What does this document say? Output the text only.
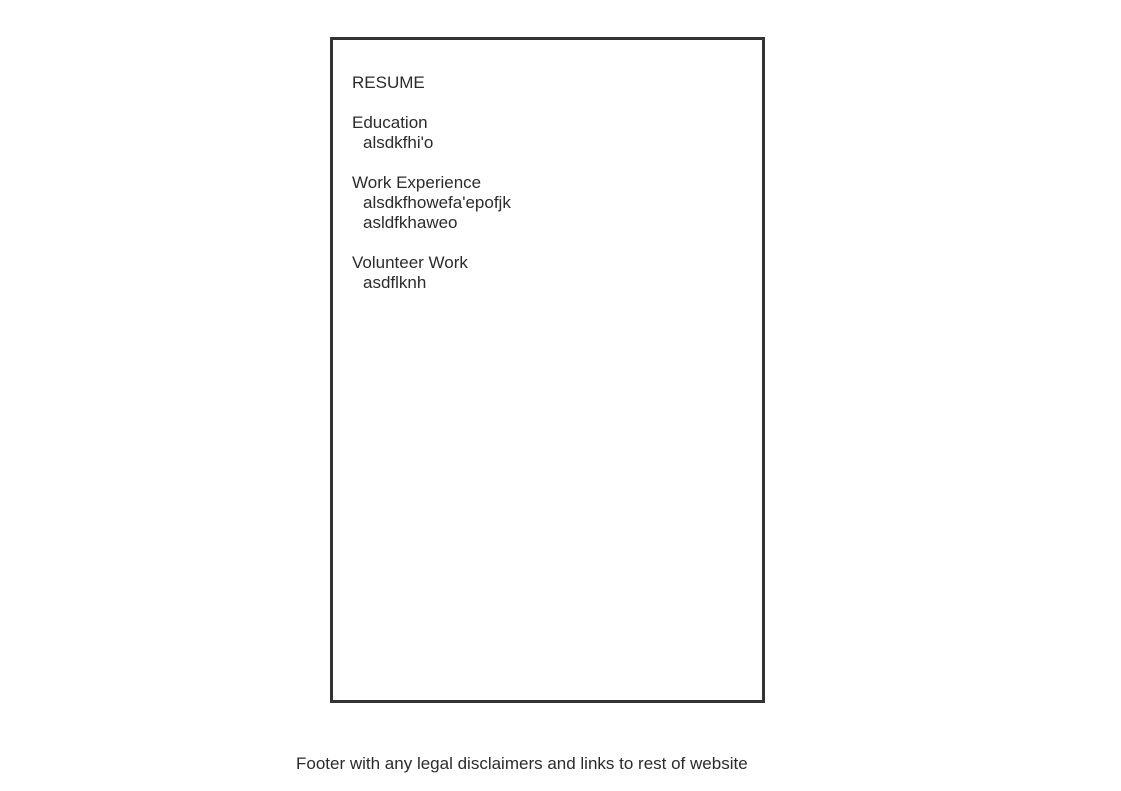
RESUME
Education
alsdkfhi'o
Work Experience
alsdkfhowefa'epofjk
asldfkhaweo
Volunteer Work
asdflknh
Footer with any legal disclaimers and links to rest of website
